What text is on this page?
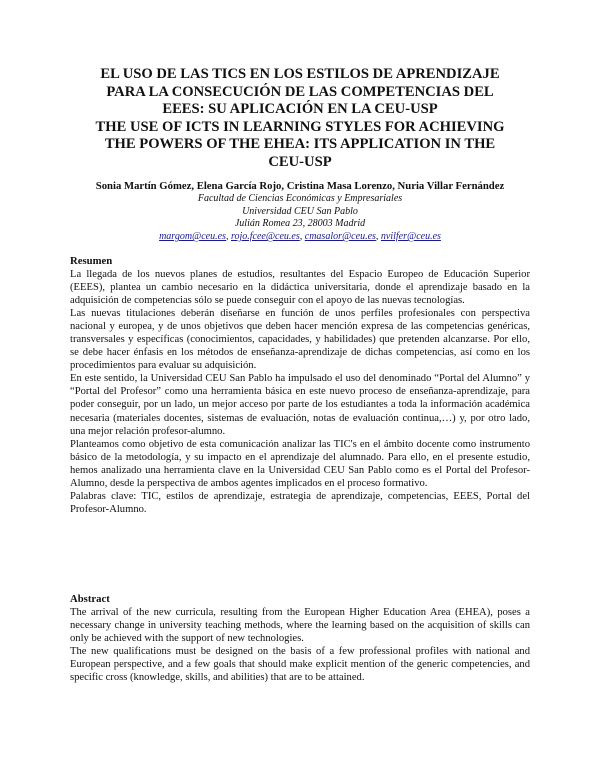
EL USO DE LAS TICS EN LOS ESTILOS DE APRENDIZAJE
PARA LA CONSECUCIÓN DE LAS COMPETENCIAS DEL
EEES: SU APLICACIÓN EN LA CEU-USP
THE USE OF ICTS IN LEARNING STYLES FOR ACHIEVING
THE POWERS OF THE EHEA: ITS APPLICATION IN THE
CEU-USP

Sonia Martín Gómez, Elena García Rojo, Cristina Masa Lorenzo, Nuria Villar Fernández

Facultad de Ciencias Económicas y Empresariales
Universidad CEU San Pablo
Julián Romea 23, 28003 Madrid

margom@ceu.es, rojo.fcee@ceu.es, cmasalor@ceu.es, nvilfer@ceu.es

Resumen

La llegada de los nuevos planes de estudios, resultantes del Espacio Europeo de Educación Superior (EEES), plantea un cambio necesario en la didáctica universitaria, donde el aprendizaje basado en la adquisición de competencias sólo se puede conseguir con el apoyo de las nuevas tecnologías.

Las nuevas titulaciones deberán diseñarse en función de unos perfiles profesionales con perspectiva nacional y europea, y de unos objetivos que deben hacer mención expresa de las competencias genéricas, transversales y específicas (conocimientos, capacidades, y habilidades) que pretenden alcanzarse. Por ello, se debe hacer énfasis en los métodos de enseñanza-aprendizaje de dichas competencias, así como en los procedimientos para evaluar su adquisición.

En este sentido, la Universidad CEU San Pablo ha impulsado el uso del denominado “Portal del Alumno” y “Portal del Profesor” como una herramienta básica en este nuevo proceso de enseñanza-aprendizaje, para poder conseguir, por un lado, un mejor acceso por parte de los estudiantes a toda la información académica necesaria (materiales docentes, sistemas de evaluación, notas de evaluación continua,…) y, por otro lado, una mejor relación profesor-alumno.

Planteamos como objetivo de esta comunicación analizar las TIC's en el ámbito docente como instrumento básico de la metodología, y su impacto en el aprendizaje del alumnado. Para ello, en el presente estudio, hemos analizado una herramienta clave en la Universidad CEU San Pablo como es el Portal del Profesor-Alumno, desde la perspectiva de ambos agentes implicados en el proceso formativo.

Palabras clave: TIC, estilos de aprendizaje, estrategia de aprendizaje, competencias, EEES, Portal del Profesor-Alumno.

Abstract

The arrival of the new curricula, resulting from the European Higher Education Area (EHEA), poses a necessary change in university teaching methods, where the learning based on the acquisition of skills can only be achieved with the support of new technologies.

The new qualifications must be designed on the basis of a few professional profiles with national and European perspective, and a few goals that should make explicit mention of the generic competencies, and specific cross (knowledge, skills, and abilities) that are to be attained.
